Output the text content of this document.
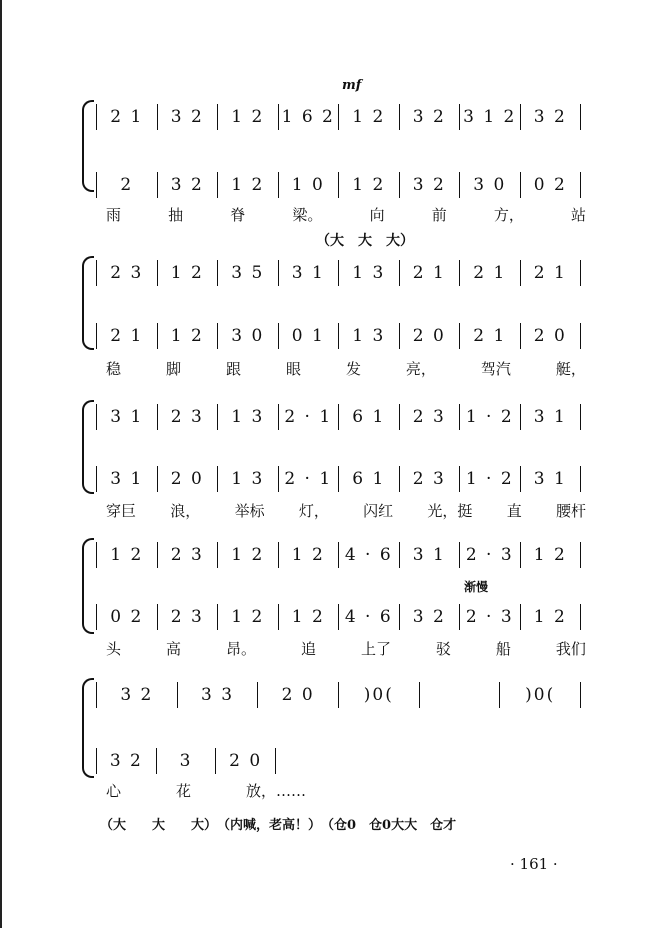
mf
2 1	3 2	1 2	1 6 2	1 2	3 2	3 1 2	3 2
2	3 2	1 2	1 0	1 2	3 2	3 0	0 2
雨	抽	脊	梁。	向	前	方，	站
（大　大　大）
2 3	1 2	3 5	3 1	1 3	2 1	2 1	2 1
2 1	1 2	3 0	0 1	1 3	2 0	2 1	2 0
稳	脚	跟	眼	发	亮，	驾汽	艇，
3 1	2 3	1 3	2 · 1	6 1	2 3	1 · 2	3 1
3 1	2 0	1 3	2 · 1	6 1	2 3	1 · 2	3 1
穿巨 浪， 举标 灯， 闪红 光，挺 直 腰杆
1 2	2 3	1 2	1 2	4 · 6	3 1	2 · 3	1 2
渐慢
0 2	2 3	1 2	1 2	4 · 6	3 2	2 · 3	1 2
头	高	昂。	追	上了	驳	船	我们
3 2	3 3	2 0	)0(	)0(
3 2	3	2 0
心	花	放，……
（大　　大　　大）　（内喊，老高！）　（仓0　仓0大大　仓才
· 161 ·
